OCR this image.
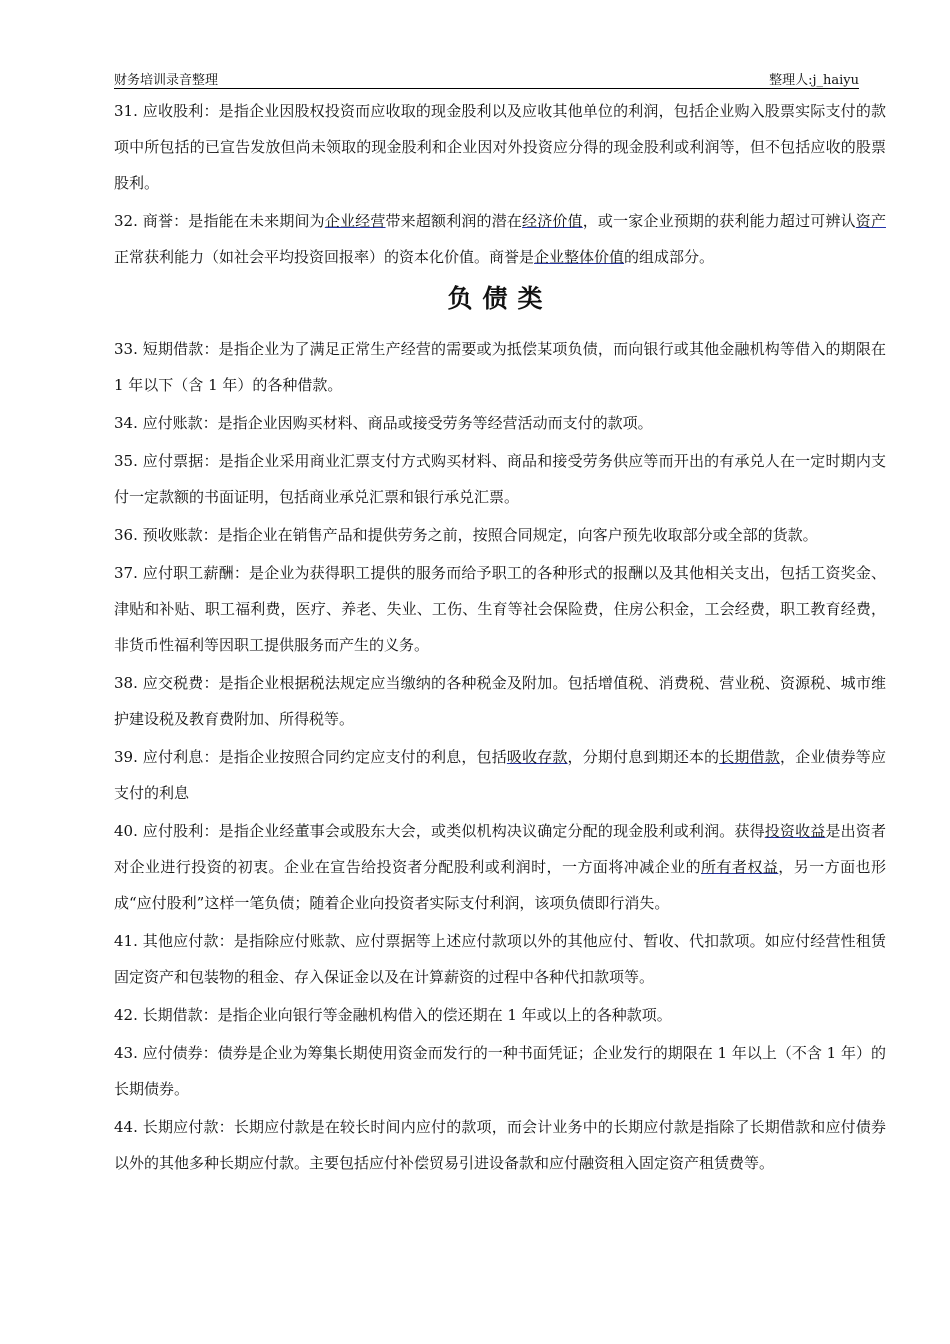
财务培训录音整理	整理人:j_haiyu

31. 应收股利：是指企业因股权投资而应收取的现金股利以及应收其他单位的利润，包括企业购入股票实际支付的款项中所包括的已宣告发放但尚未领取的现金股利和企业因对外投资应分得的现金股利或利润等，但不包括应收的股票股利。

32. 商誉：是指能在未来期间为企业经营带来超额利润的潜在经济价值，或一家企业预期的获利能力超过可辨认资产正常获利能力（如社会平均投资回报率）的资本化价值。商誉是企业整体价值的组成部分。

负债类

33. 短期借款：是指企业为了满足正常生产经营的需要或为抵偿某项负债，而向银行或其他金融机构等借入的期限在 1 年以下（含 1 年）的各种借款。

34. 应付账款：是指企业因购买材料、商品或接受劳务等经营活动而支付的款项。

35. 应付票据：是指企业采用商业汇票支付方式购买材料、商品和接受劳务供应等而开出的有承兑人在一定时期内支付一定款额的书面证明，包括商业承兑汇票和银行承兑汇票。

36. 预收账款：是指企业在销售产品和提供劳务之前，按照合同规定，向客户预先收取部分或全部的货款。

37. 应付职工薪酬：是企业为获得职工提供的服务而给予职工的各种形式的报酬以及其他相关支出，包括工资奖金、津贴和补贴、职工福利费，医疗、养老、失业、工伤、生育等社会保险费，住房公积金，工会经费，职工教育经费，非货币性福利等因职工提供服务而产生的义务。

38. 应交税费：是指企业根据税法规定应当缴纳的各种税金及附加。包括增值税、消费税、营业税、资源税、城市维护建设税及教育费附加、所得税等。

39. 应付利息：是指企业按照合同约定应支付的利息，包括吸收存款，分期付息到期还本的长期借款，企业债券等应支付的利息

40. 应付股利：是指企业经董事会或股东大会，或类似机构决议确定分配的现金股利或利润。获得投资收益是出资者对企业进行投资的初衷。企业在宣告给投资者分配股利或利润时，一方面将冲减企业的所有者权益，另一方面也形成“应付股利”这样一笔负债；随着企业向投资者实际支付利润，该项负债即行消失。

41. 其他应付款：是指除应付账款、应付票据等上述应付款项以外的其他应付、暂收、代扣款项。如应付经营性租赁固定资产和包装物的租金、存入保证金以及在计算薪资的过程中各种代扣款项等。

42. 长期借款：是指企业向银行等金融机构借入的偿还期在 1 年或以上的各种款项。

43. 应付债券：债券是企业为筹集长期使用资金而发行的一种书面凭证；企业发行的期限在 1 年以上（不含 1 年）的长期债券。

44. 长期应付款：长期应付款是在较长时间内应付的款项，而会计业务中的长期应付款是指除了长期借款和应付债券以外的其他多种长期应付款。主要包括应付补偿贸易引进设备款和应付融资租入固定资产租赁费等。
